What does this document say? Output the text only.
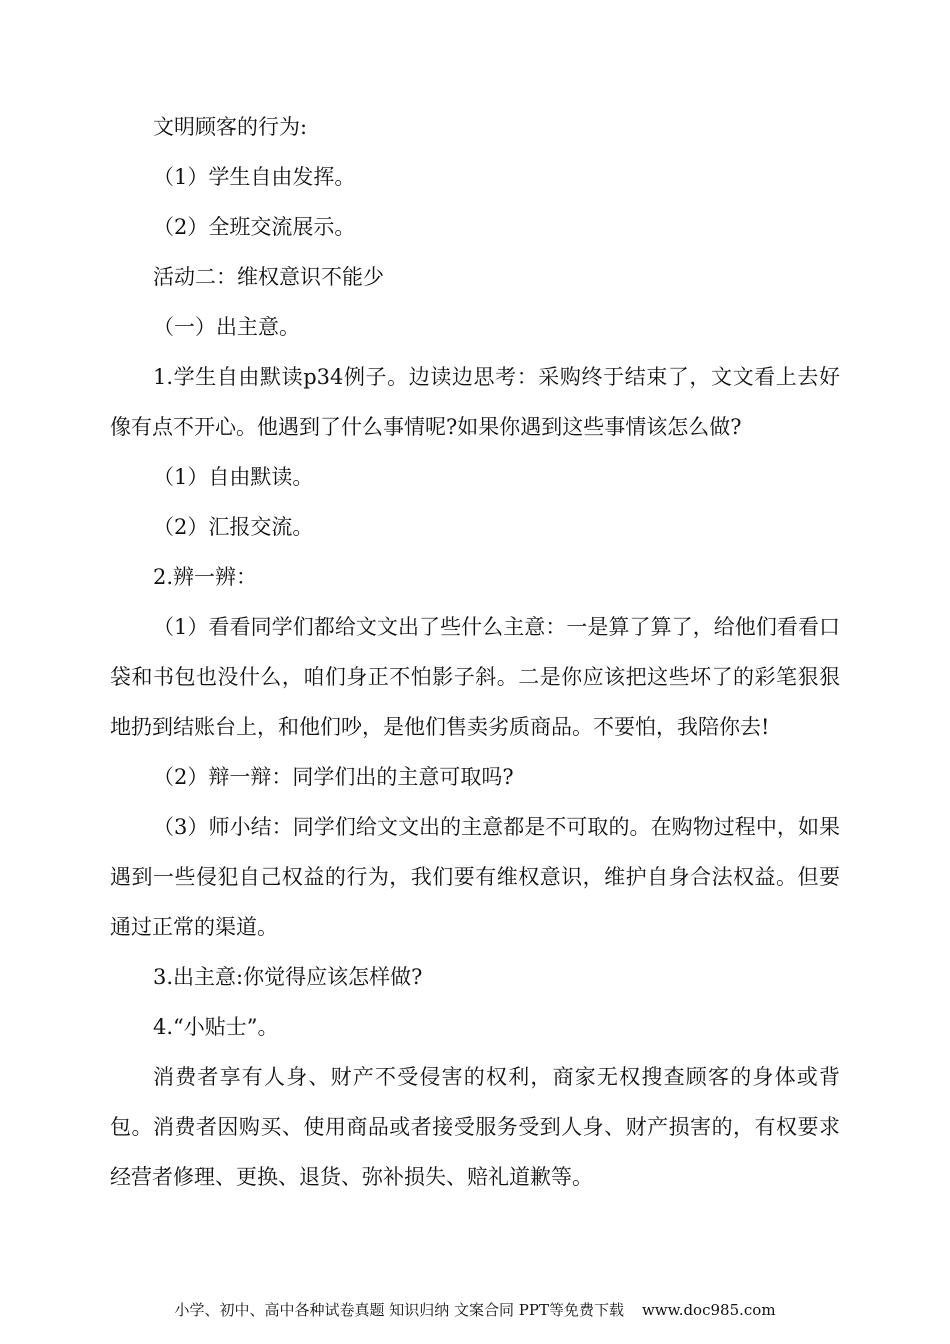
文明顾客的行为:

（1）学生自由发挥。

（2）全班交流展示。

活动二：维权意识不能少

（一）出主意。

1.学生自由默读p34例子。边读边思考：采购终于结束了，文文看上去好像有点不开心。他遇到了什么事情呢?如果你遇到这些事情该怎么做?

（1）自由默读。

（2）汇报交流。

2.辨一辨：

（1）看看同学们都给文文出了些什么主意：一是算了算了，给他们看看口袋和书包也没什么，咱们身正不怕影子斜。二是你应该把这些坏了的彩笔狠狠地扔到结账台上，和他们吵，是他们售卖劣质商品。不要怕，我陪你去!

（2）辩一辩：同学们出的主意可取吗?

（3）师小结：同学们给文文出的主意都是不可取的。在购物过程中，如果遇到一些侵犯自己权益的行为，我们要有维权意识，维护自身合法权益。但要通过正常的渠道。

3.出主意:你觉得应该怎样做?

4.“小贴士”。

消费者享有人身、财产不受侵害的权利，商家无权搜查顾客的身体或背包。消费者因购买、使用商品或者接受服务受到人身、财产损害的，有权要求经营者修理、更换、退货、弥补损失、赔礼道歉等。

小学、初中、高中各种试卷真题 知识归纳 文案合同 PPT等免费下载 www.doc985.com
